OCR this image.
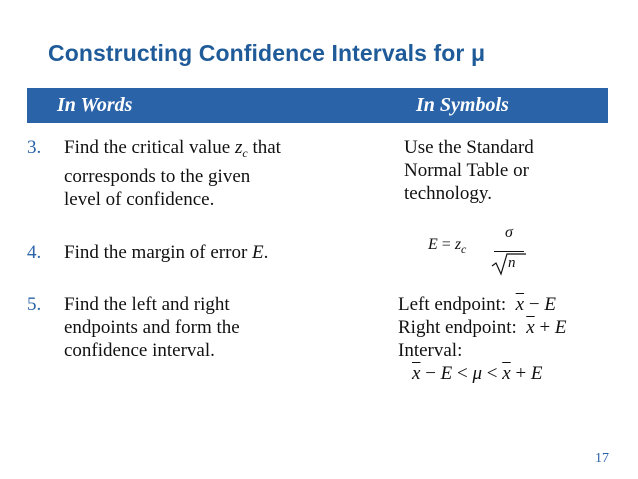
Constructing Confidence Intervals for μ
In Words	In Symbols
3. Find the critical value $z_c$ that
corresponds to the given
level of confidence.
Use the Standard
Normal Table or
technology.
4. Find the margin of error E.	$E = z_c$
σ
n
5. Find the left and right
endpoints and form the
confidence interval.
Left endpoint: $\overline{x} - E$
Right endpoint: $\overline{x} + E$
Interval:
$\overline{x} - E < \mu < \overline{x} + E$
17
